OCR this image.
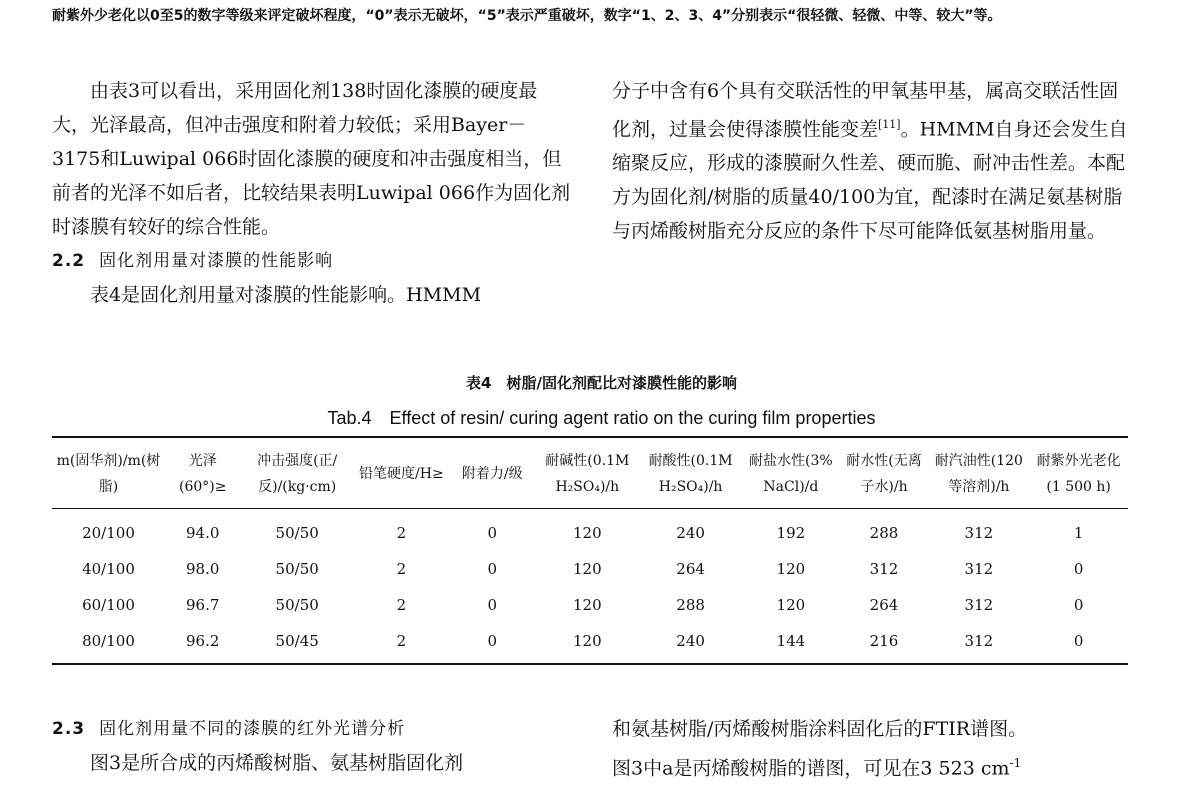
耐紫外少老化以0至5的数字等级来评定破坏程度，“0”表示无破坏，“5”表示严重破坏，数字“1、2、3、4”分别表示“很轻微、轻微、中等、较大”等。

由表3可以看出，采用固化剂138时固化漆膜的硬度最大，光泽最高，但冲击强度和附着力较低；采用Bayer－3175和Luwipal 066时固化漆膜的硬度和冲击强度相当，但前者的光泽不如后者，比较结果表明Luwipal 066作为固化剂时漆膜有较好的综合性能。

2.2 固化剂用量对漆膜的性能影响

表4是固化剂用量对漆膜的性能影响。HMMM

分子中含有6个具有交联活性的甲氧基甲基，属高交联活性固化剂，过量会使得漆膜性能变差[11]。HMMM自身还会发生自缩聚反应，形成的漆膜耐久性差、硬而脆、耐冲击性差。本配方为固化剂/树脂的质量40/100为宜，配漆时在满足氨基树脂与丙烯酸树脂充分反应的条件下尽可能降低氨基树脂用量。

表4　树脂/固化剂配比对漆膜性能的影响
Tab.4　Effect of resin/ curing agent ratio on the curing film properties
m(固华剂)/m(树脂)	光泽(60°)≥	冲击强度(正/反)/(kg·cm)	铅笔硬度/H≥	附着力/级	耐碱性(0.1M H₂SO₄)/h	耐酸性(0.1M H₂SO₄)/h	耐盐水性(3% NaCl)/d	耐水性(无离子水)/h	耐汽油性(120等溶剂)/h	耐紫外光老化(1 500 h)
20/100	94.0	50/50	2	0	120	240	192	288	312	1
40/100	98.0	50/50	2	0	120	264	120	312	312	0
60/100	96.7	50/50	2	0	120	288	120	264	312	0
80/100	96.2	50/45	2	0	120	240	144	216	312	0

2.3 固化剂用量不同的漆膜的红外光谱分析

图3是所合成的丙烯酸树脂、氨基树脂固化剂

和氨基树脂/丙烯酸树脂涂料固化后的FTIR谱图。

图3中a是丙烯酸树脂的谱图，可见在3 523 $cm^{-1}$
